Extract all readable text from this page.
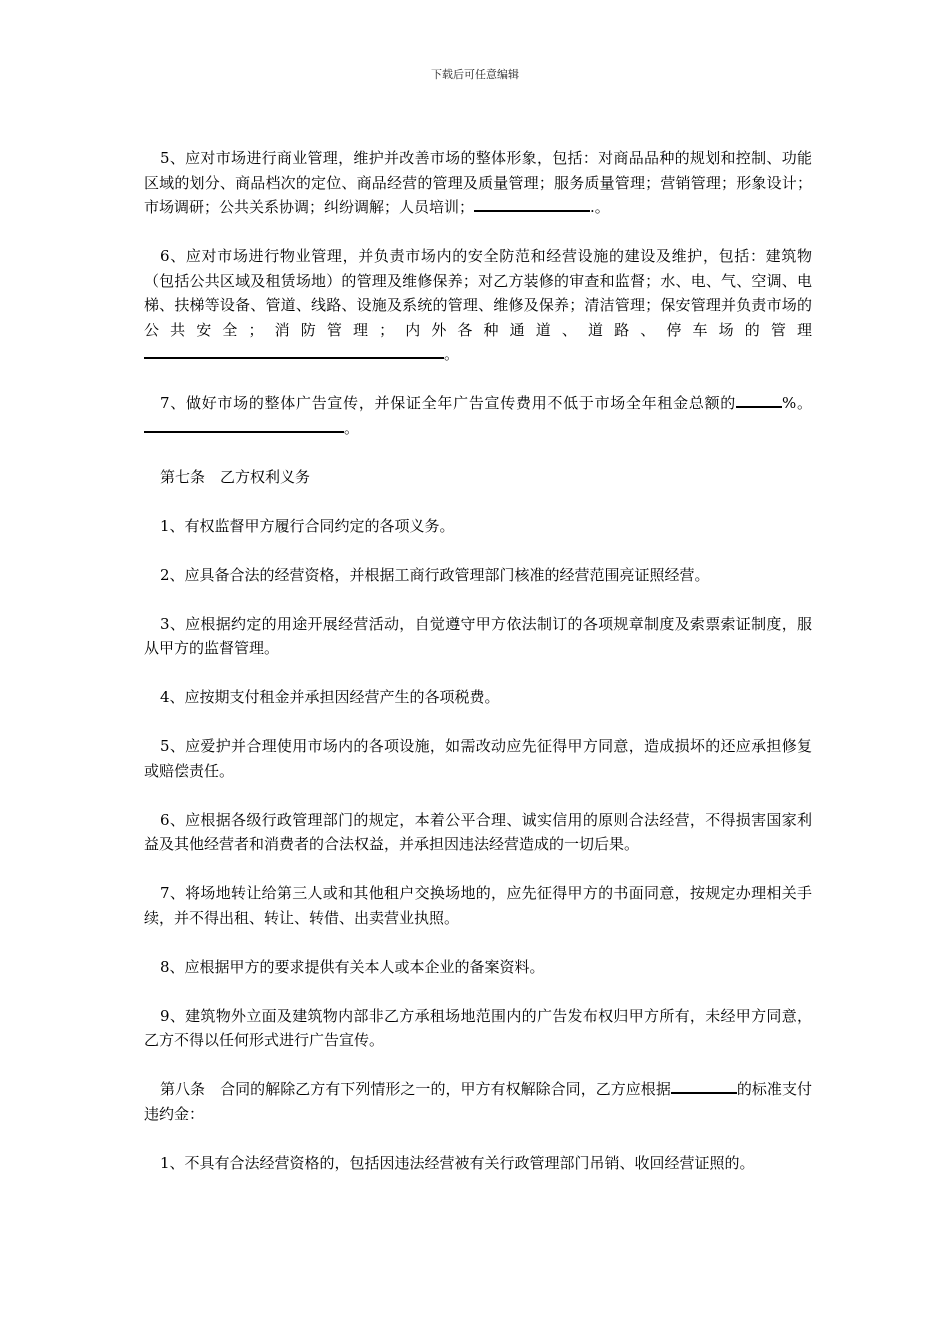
下载后可任意编辑

5、应对市场进行商业管理，维护并改善市场的整体形象，包括：对商品品种的规划和控制、功能区域的划分、商品档次的定位、商品经营的管理及质量管理；服务质量管理；营销管理；形象设计；市场调研；公共关系协调；纠纷调解；人员培训；	.。

6、应对市场进行物业管理，并负责市场内的安全防范和经营设施的建设及维护，包括：建筑物（包括公共区域及租赁场地）的管理及维修保养；对乙方装修的审查和监督；水、电、气、空调、电梯、扶梯等设备、管道、线路、设施及系统的管理、维修及保养；清洁管理；保安管理并负责市场的公共安全；消防管理；内外各种通道、道路、停车场的管理。

7、做好市场的整体广告宣传，并保证全年广告宣传费用不低于市场全年租金总额的	%。。

第七条　乙方权利义务

1、有权监督甲方履行合同约定的各项义务。

2、应具备合法的经营资格，并根据工商行政管理部门核准的经营范围亮证照经营。

3、应根据约定的用途开展经营活动，自觉遵守甲方依法制订的各项规章制度及索票索证制度，服从甲方的监督管理。

4、应按期支付租金并承担因经营产生的各项税费。

5、应爱护并合理使用市场内的各项设施，如需改动应先征得甲方同意，造成损坏的还应承担修复或赔偿责任。

6、应根据各级行政管理部门的规定，本着公平合理、诚实信用的原则合法经营，不得损害国家利益及其他经营者和消费者的合法权益，并承担因违法经营造成的一切后果。

7、将场地转让给第三人或和其他租户交换场地的，应先征得甲方的书面同意，按规定办理相关手续，并不得出租、转让、转借、出卖营业执照。

8、应根据甲方的要求提供有关本人或本企业的备案资料。

9、建筑物外立面及建筑物内部非乙方承租场地范围内的广告发布权归甲方所有，未经甲方同意，乙方不得以任何形式进行广告宣传。

第八条　合同的解除乙方有下列情形之一的，甲方有权解除合同，乙方应根据	的标准支付违约金：

1、不具有合法经营资格的，包括因违法经营被有关行政管理部门吊销、收回经营证照的。
